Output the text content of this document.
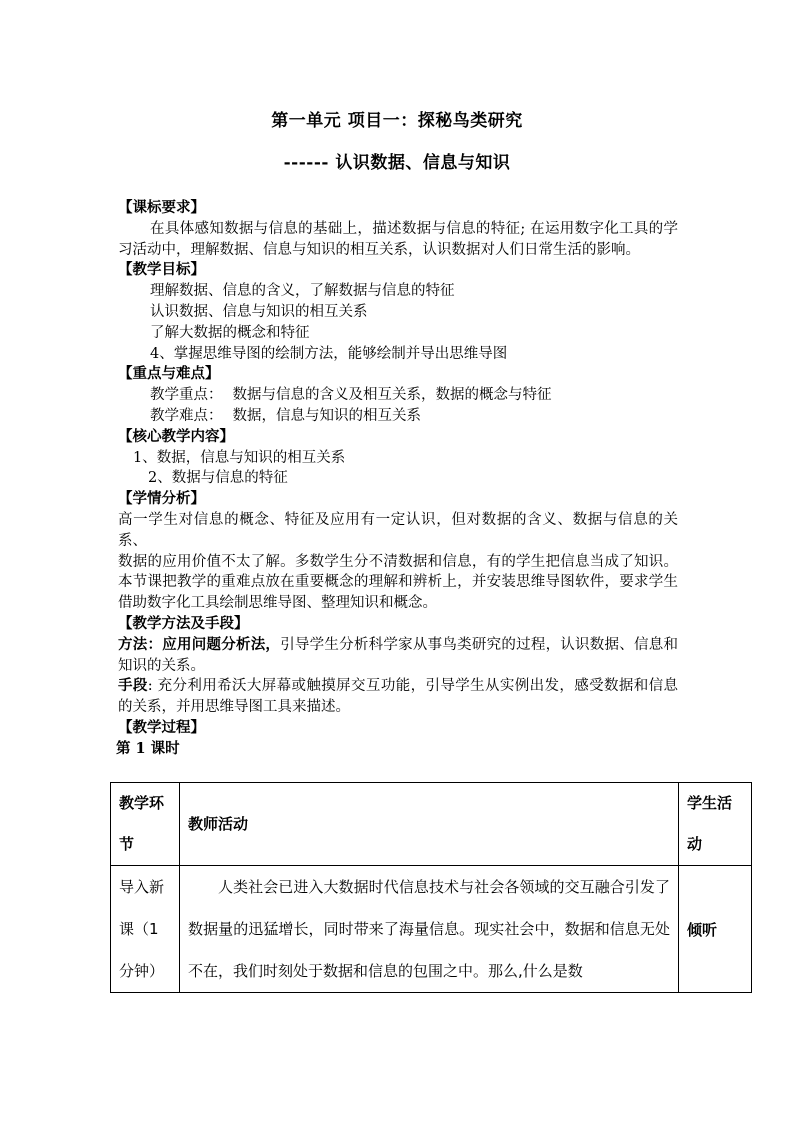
第一单元 项目一：探秘鸟类研究
------ 认识数据、信息与知识
【课标要求】
在具体感知数据与信息的基础上，描述数据与信息的特征; 在运用数字化工具的学习活动中，理解数据、信息与知识的相互关系，认识数据对人们日常生活的影响。
【教学目标】
理解数据、信息的含义，了解数据与信息的特征
认识数据、信息与知识的相互关系
了解大数据的概念和特征
4、掌握思维导图的绘制方法，能够绘制并导出思维导图
【重点与难点】
教学重点： 数据与信息的含义及相互关系，数据的概念与特征
教学难点： 数据，信息与知识的相互关系
【核心教学内容】
1、数据，信息与知识的相互关系
2、数据与信息的特征
【学情分析】
高一学生对信息的概念、特征及应用有一定认识，但对数据的含义、数据与信息的关系、
数据的应用价值不太了解。多数学生分不清数据和信息，有的学生把信息当成了知识。本节课把教学的重难点放在重要概念的理解和辨析上，并安装思维导图软件，要求学生借助数字化工具绘制思维导图、整理知识和概念。
【教学方法及手段】
方法：应用问题分析法，引导学生分析科学家从事鸟类研究的过程，认识数据、信息和知识的关系。
手段: 充分利用希沃大屏幕或触摸屏交互功能，引导学生从实例出发，感受数据和信息的关系，并用思维导图工具来描述。
【教学过程】
第 1 课时
教学环节	教师活动	学生活动
导入新课（1分钟）	人类社会已进入大数据时代信息技术与社会各领域的交互融合引发了数据量的迅猛增长，同时带来了海量信息。现实社会中，数据和信息无处不在，我们时刻处于数据和信息的包围之中。那么,什么是数	倾听
